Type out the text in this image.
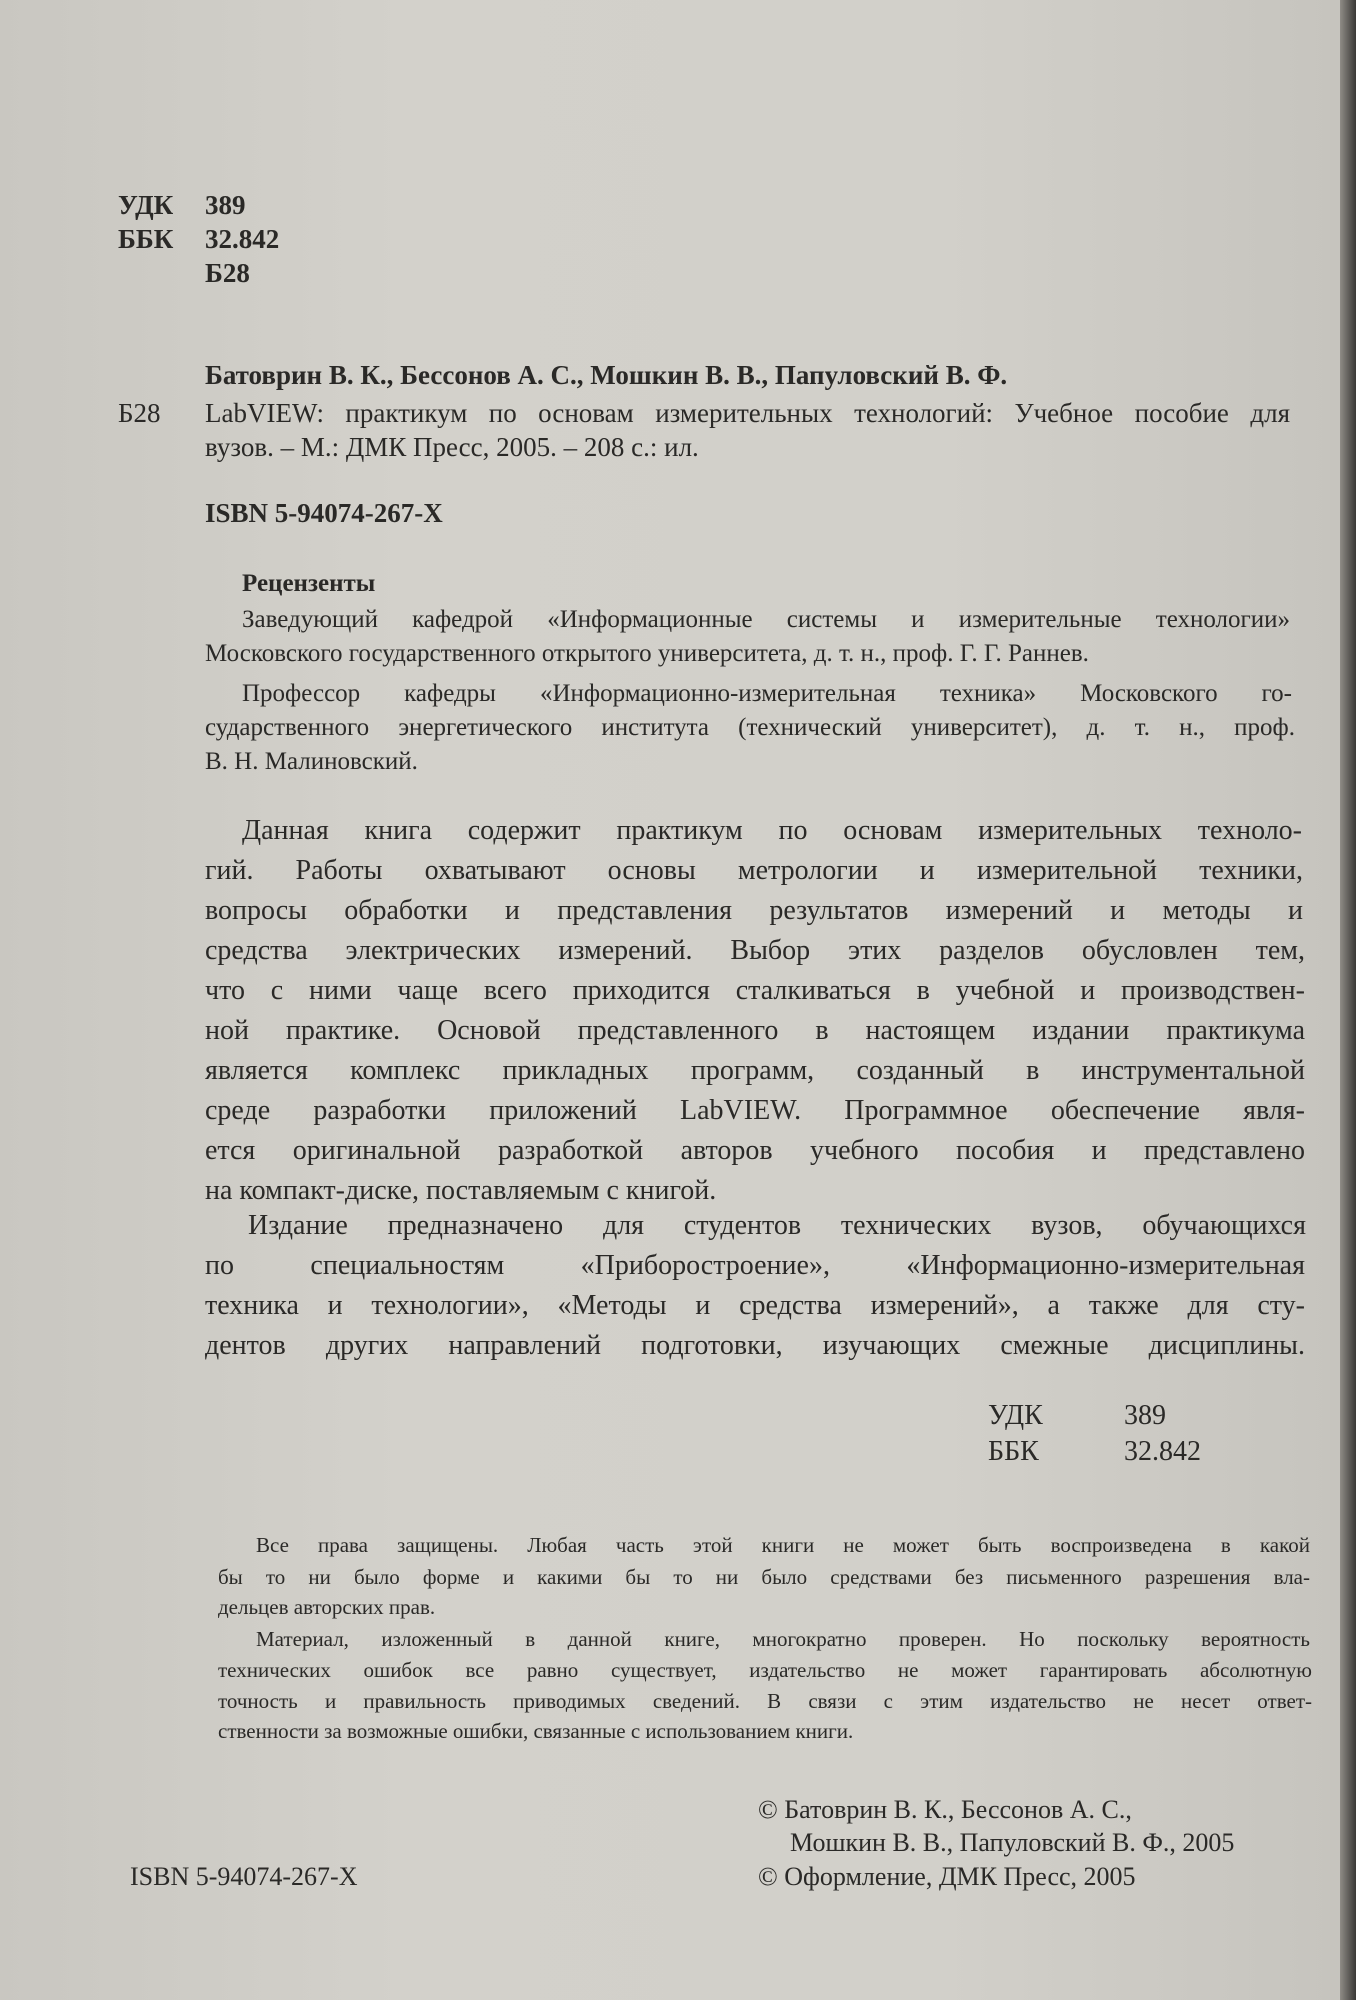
УДК 389
ББК 32.842
Б28
Батоврин В. К., Бессонов А. С., Мошкин В. В., Папуловский В. Ф.
Б28 LabVIEW: практикум по основам измерительных технологий: Учебное пособие для
вузов. – М.: ДМК Пресс, 2005. – 208 с.: ил.
ISBN 5-94074-267-X
Рецензенты
Заведующий кафедрой «Информационные системы и измерительные технологии»
Московского государственного открытого университета, д. т. н., проф. Г. Г. Раннев.
Профессор кафедры «Информационно-измерительная техника» Московского го-
сударственного энергетического института (технический университет), д. т. н., проф.
В. Н. Малиновский.
Данная книга содержит практикум по основам измерительных техноло-
гий. Работы охватывают основы метрологии и измерительной техники,
вопросы обработки и представления результатов измерений и методы и
средства электрических измерений. Выбор этих разделов обусловлен тем,
что с ними чаще всего приходится сталкиваться в учебной и производствен-
ной практике. Основой представленного в настоящем издании практикума
является комплекс прикладных программ, созданный в инструментальной
среде разработки приложений LabVIEW. Программное обеспечение явля-
ется оригинальной разработкой авторов учебного пособия и представлено
на компакт-диске, поставляемым с книгой.
Издание предназначено для студентов технических вузов, обучающихся
по специальностям «Приборостроение», «Информационно-измерительная
техника и технологии», «Методы и средства измерений», а также для сту-
дентов других направлений подготовки, изучающих смежные дисциплины.
УДК	389
ББК	32.842
Все права защищены. Любая часть этой книги не может быть воспроизведена в какой
бы то ни было форме и какими бы то ни было средствами без письменного разрешения вла-
дельцев авторских прав.
Материал, изложенный в данной книге, многократно проверен. Но поскольку вероятность
технических ошибок все равно существует, издательство не может гарантировать абсолютную
точность и правильность приводимых сведений. В связи с этим издательство не несет ответ-
ственности за возможные ошибки, связанные с использованием книги.
ISBN 5-94074-267-X
© Батоврин В. К., Бессонов А. С.,
Мошкин В. В., Папуловский В. Ф., 2005
© Оформление, ДМК Пресс, 2005
